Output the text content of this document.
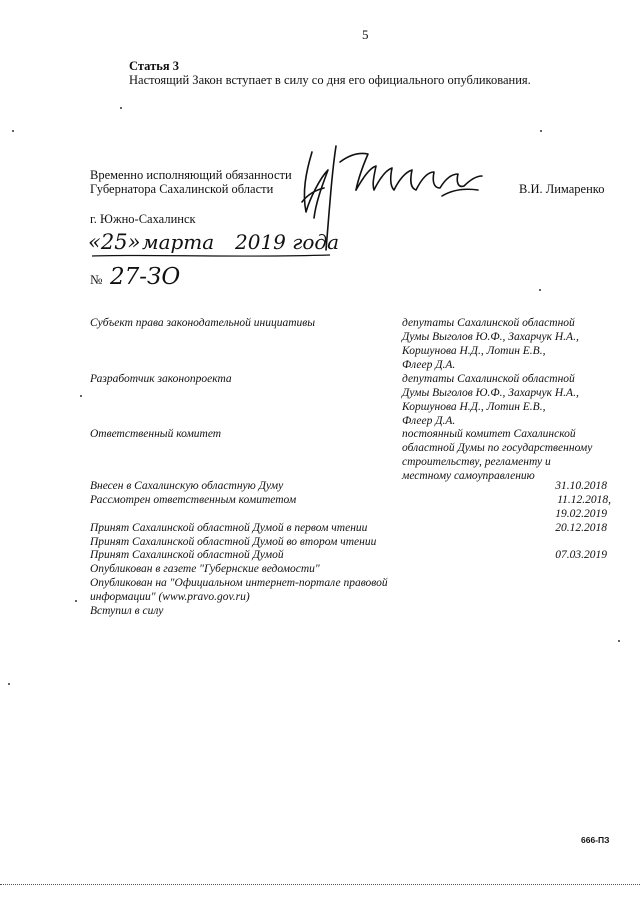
5
Статья 3
Настоящий Закон вступает в силу со дня его официального опубликования.
Временно исполняющий обязанности
Губернатора Сахалинской области	В.И. Лимаренко
г. Южно-Сахалинск
«25» марта 2019 года
№ 27-ЗО
Субъект права законодательной инициативы	депутаты Сахалинской областной
Думы Выголов Ю.Ф., Захарчук Н.А.,
Коршунова Н.Д., Лотин Е.В.,
Флеер Д.А.
Разработчик законопроекта	депутаты Сахалинской областной
Думы Выголов Ю.Ф., Захарчук Н.А.,
Коршунова Н.Д., Лотин Е.В.,
Флеер Д.А.
Ответственный комитет	постоянный комитет Сахалинской
областной Думы по государственному
строительству, регламенту и
местному самоуправлению
Внесен в Сахалинскую областную Думу	31.10.2018
Рассмотрен ответственным комитетом	11.12.2018,
19.02.2019
Принят Сахалинской областной Думой в первом чтении	20.12.2018
Принят Сахалинской областной Думой во втором чтении
Принят Сахалинской областной Думой	07.03.2019
Опубликован в газете "Губернские ведомости"
Опубликован на "Официальном интернет-портале правовой
информации" (www.pravo.gov.ru)
Вступил в силу
666-ПЗ
